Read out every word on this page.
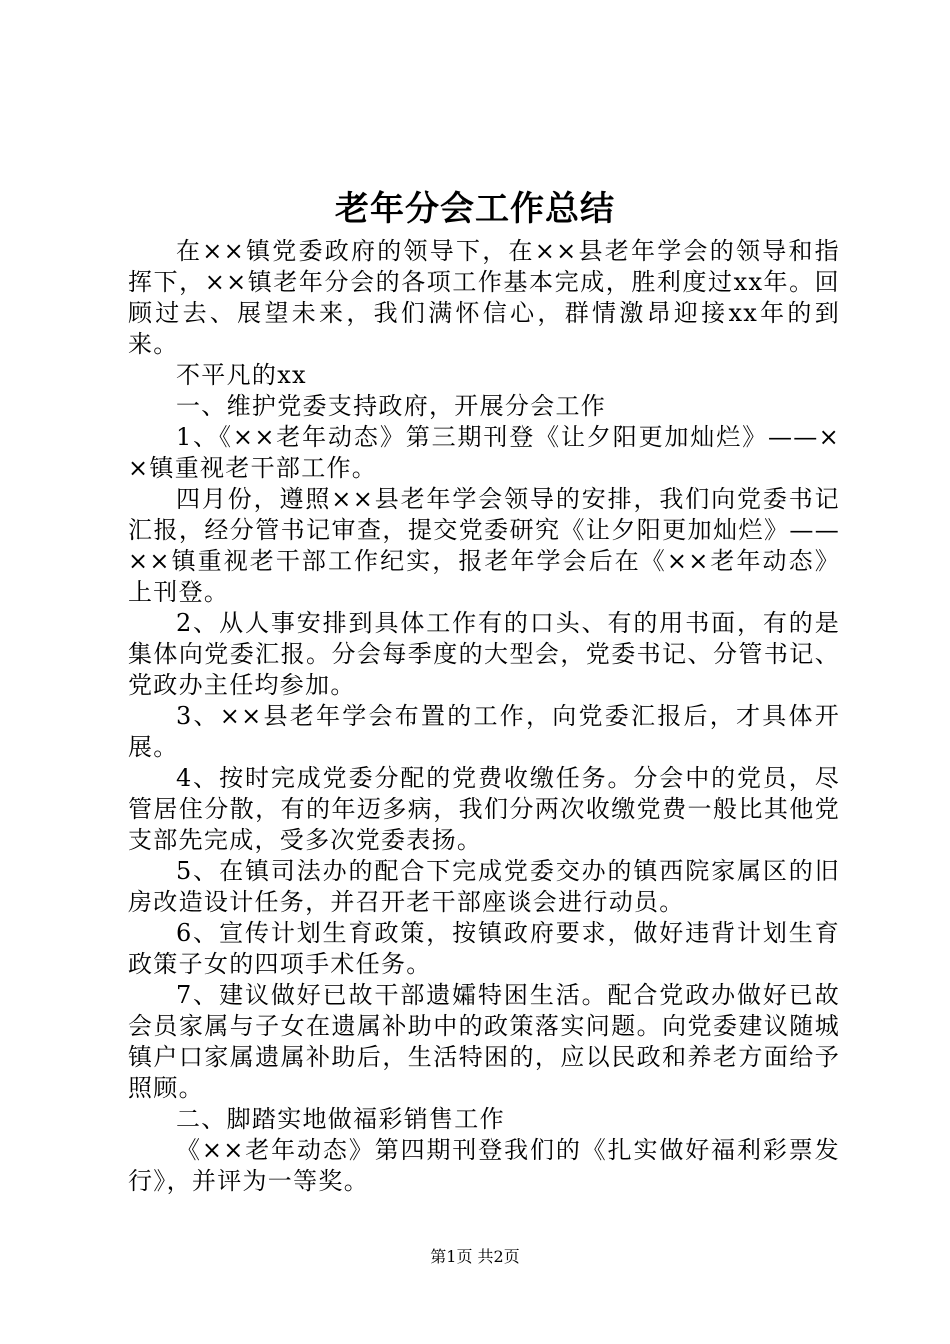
老年分会工作总结

在××镇党委政府的领导下，在××县老年学会的领导和指挥下，××镇老年分会的各项工作基本完成，胜利度过xx年。回顾过去、展望未来，我们满怀信心，群情激昂迎接xx年的到来。

不平凡的xx

一、维护党委支持政府，开展分会工作

1、《××老年动态》第三期刊登《让夕阳更加灿烂》——××镇重视老干部工作。

四月份，遵照××县老年学会领导的安排，我们向党委书记汇报，经分管书记审查，提交党委研究《让夕阳更加灿烂》——××镇重视老干部工作纪实，报老年学会后在《××老年动态》上刊登。

2、从人事安排到具体工作有的口头、有的用书面，有的是集体向党委汇报。分会每季度的大型会，党委书记、分管书记、党政办主任均参加。

3、××县老年学会布置的工作，向党委汇报后，才具体开展。

4、按时完成党委分配的党费收缴任务。分会中的党员，尽管居住分散，有的年迈多病，我们分两次收缴党费一般比其他党支部先完成，受多次党委表扬。

5、在镇司法办的配合下完成党委交办的镇西院家属区的旧房改造设计任务，并召开老干部座谈会进行动员。

6、宣传计划生育政策，按镇政府要求，做好违背计划生育政策子女的四项手术任务。

7、建议做好已故干部遗孀特困生活。配合党政办做好已故会员家属与子女在遗属补助中的政策落实问题。向党委建议随城镇户口家属遗属补助后，生活特困的，应以民政和养老方面给予照顾。

二、脚踏实地做福彩销售工作

《××老年动态》第四期刊登我们的《扎实做好福利彩票发行》，并评为一等奖。

第1页 共2页
